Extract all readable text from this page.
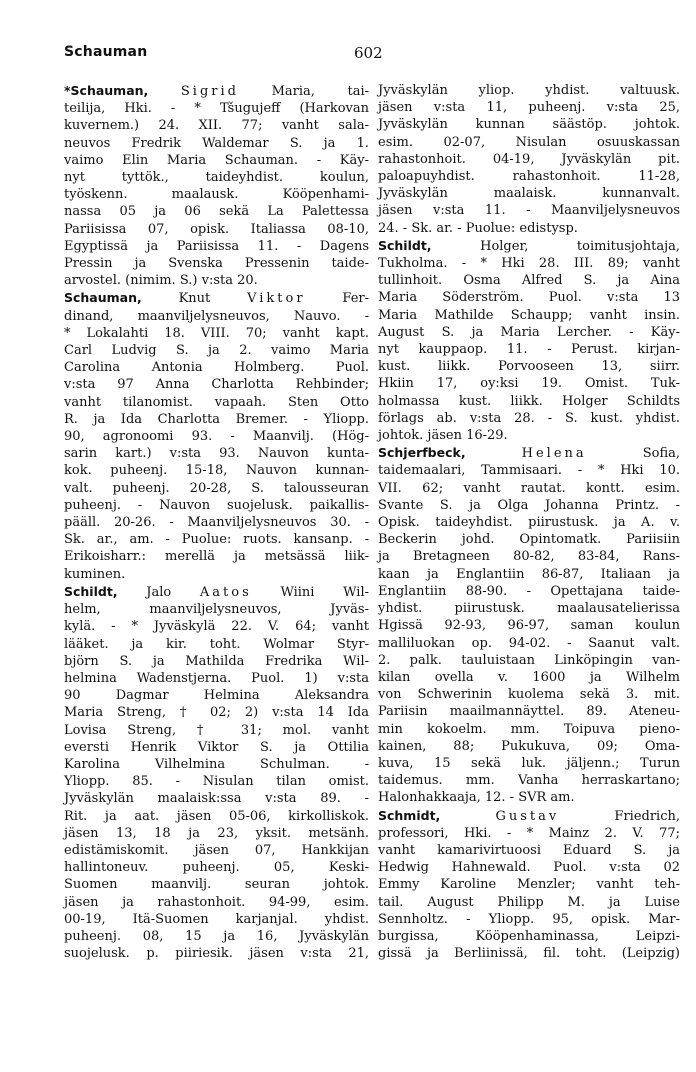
Schauman	602
*Schauman,	Sigrid Maria, tai-
teilija, Hki. - * Tšugujeff (Harkovan
kuvernem.) 24. XII. 77; vanht sala-
neuvos Fredrik Waldemar S. ja 1.
vaimo Elin Maria Schauman. - Käy-
nyt tyttök., taideyhdist. koulun,
työskenn. maalausk. Kööpenhami-
nassa 05 ja 06 sekä La Palettessa
Pariisissa 07, opisk. Italiassa 08-10,
Egyptissä ja Pariisissa 11. - Dagens
Pressin ja Svenska Pressenin taide-
arvostel. (nimim. S.) v:sta 20.
Schauman, Knut Viktor Fer-
dinand, maanviljelysneuvos, Nauvo. -
* Lokalahti 18. VIII. 70; vanht kapt.
Carl Ludvig S. ja 2. vaimo Maria
Carolina Antonia Holmberg. Puol.
v:sta 97 Anna Charlotta Rehbinder;
vanht tilanomist. vapaah. Sten Otto
R. ja Ida Charlotta Bremer. - Yliopp.
90, agronoomi 93. - Maanvilj. (Hög-
sarin kart.) v:sta 93. Nauvon kunta-
kok. puheenj. 15-18, Nauvon kunnan-
valt. puheenj. 20-28, S. talousseuran
puheenj. - Nauvon suojelusk. paikallis-
pääll. 20-26. - Maanviljelysneuvos 30. -
Sk. ar., am. - Puolue: ruots. kansanp. -
Erikoisharr.: merellä ja metsässä liik-
kuminen.
Schildt, Jalo Aatos Wiini Wil-
helm, maanviljelysneuvos, Jyväs-
kylä. - * Jyväskylä 22. V. 64; vanht
lääket. ja kir. toht. Wolmar Styr-
björn S. ja Mathilda Fredrika Wil-
helmina Wadenstjerna. Puol. 1) v:sta
90 Dagmar Helmina Aleksandra
Maria Streng, † 02; 2) v:sta 14 Ida
Lovisa Streng, † 31; mol. vanht
eversti Henrik Viktor S. ja Ottilia
Karolina Vilhelmina Schulman. -
Yliopp. 85. - Nisulan tilan omist.
Jyväskylän maalaisk:ssa v:sta 89. -
Rit. ja aat. jäsen 05-06, kirkolliskok.
jäsen 13, 18 ja 23, yksit. metsänh.
edistämiskomit. jäsen 07, Hankkijan
hallintoneuv. puheenj. 05, Keski-
Suomen maanvilj. seuran johtok.
jäsen ja rahastonhoit. 94-99, esim.
00-19, Itä-Suomen karjanjal. yhdist.
puheenj. 08, 15 ja 16, Jyväskylän
suojelusk. p. piiriesik. jäsen v:sta 21,
Jyväskylän yliop. yhdist. valtuusk.
jäsen v:sta 11, puheenj. v:sta 25,
Jyväskylän kunnan säästöp. johtok.
esim. 02-07, Nisulan osuuskassan
rahastonhoit. 04-19, Jyväskylän pit.
paloapuyhdist. rahastonhoit. 11-28,
Jyväskylän maalaisk. kunnanvalt.
jäsen v:sta 11. - Maanviljelysneuvos
24. - Sk. ar. - Puolue: edistysp.
Schildt, Holger, toimitusjohtaja,
Tukholma. - * Hki 28. III. 89; vanht
tullinhoit. Osma Alfred S. ja Aina
Maria Söderström. Puol. v:sta 13
Maria Mathilde Schaupp; vanht insin.
August S. ja Maria Lercher. - Käy-
nyt kauppaop. 11. - Perust. kirjan-
kust. liikk. Porvooseen 13, siirr.
Hkiin 17, oy:ksi 19. Omist. Tuk-
holmassa kust. liikk. Holger Schildts
förlags ab. v:sta 28. - S. kust. yhdist.
johtok. jäsen 16-29.
Schjerfbeck,	Helena Sofia,
taidemaalari, Tammisaari. - * Hki 10.
VII. 62; vanht rautat. kontt. esim.
Svante S. ja Olga Johanna Printz. -
Opisk. taideyhdist. piirustusk. ja A. v.
Beckerin johd. Opintomatk. Pariisiin
ja Bretagneen 80-82, 83-84, Rans-
kaan ja Englantiin 86-87, Italiaan ja
Englantiin 88-90. - Opettajana taide-
yhdist. piirustusk. maalausatelierissa
Hgissä 92-93, 96-97, saman koulun
malliluokan op. 94-02. - Saanut valt.
2. palk. tauluistaan Linköpingin van-
kilan ovella v. 1600 ja Wilhelm
von Schwerinin kuolema sekä 3. mit.
Pariisin maailmannäyttel. 89. Ateneu-
min kokoelm. mm. Toipuva pieno-
kainen, 88; Pukukuva, 09; Oma-
kuva, 15 sekä luk. jäljenn.; Turun
taidemus. mm. Vanha herraskartano;
Halonhakkaaja, 12. - SVR am.
Schmidt,	Gustav Friedrich,
professori, Hki. - * Mainz 2. V. 77;
vanht kamarivirtuoosi Eduard S. ja
Hedwig Hahnewald. Puol. v:sta 02
Emmy Karoline Menzler; vanht teh-
tail. August Philipp M. ja Luise
Sennholtz. - Yliopp. 95, opisk. Mar-
burgissa, Kööpenhaminassa, Leipzi-
gissä ja Berliinissä, fil. toht. (Leipzig)
